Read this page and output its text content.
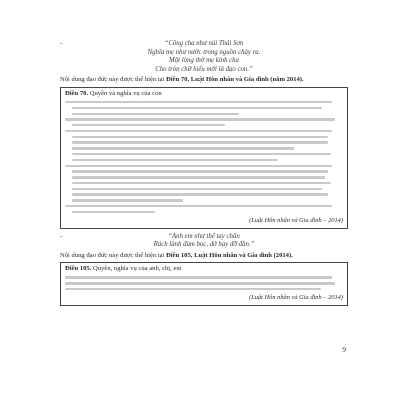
-	“Công cha như núi Thái Sơn
Nghĩa mẹ như nước trong nguồn chảy ra.
Một lòng thờ mẹ kính cha
Cho tròn chữ hiếu mới là đạo con.”
Nội dung đạo đức này được thể hiện tại Điều 70, Luật Hôn nhân và Gia đình (năm 2014).
Điều 70. Quyền và nghĩa vụ của con
(Luật Hôn nhân và Gia đình – 2014)
-	“Anh em như thể tay chân
Rách lành đùm bọc, dở hay đỡ đần.”
Nội dung đạo đức này được thể hiện tại Điều 105, Luật Hôn nhân và Gia đình (2014).
Điều 105. Quyền, nghĩa vụ của anh, chị, em
(Luật Hôn nhân và Gia đình – 2014)
9
